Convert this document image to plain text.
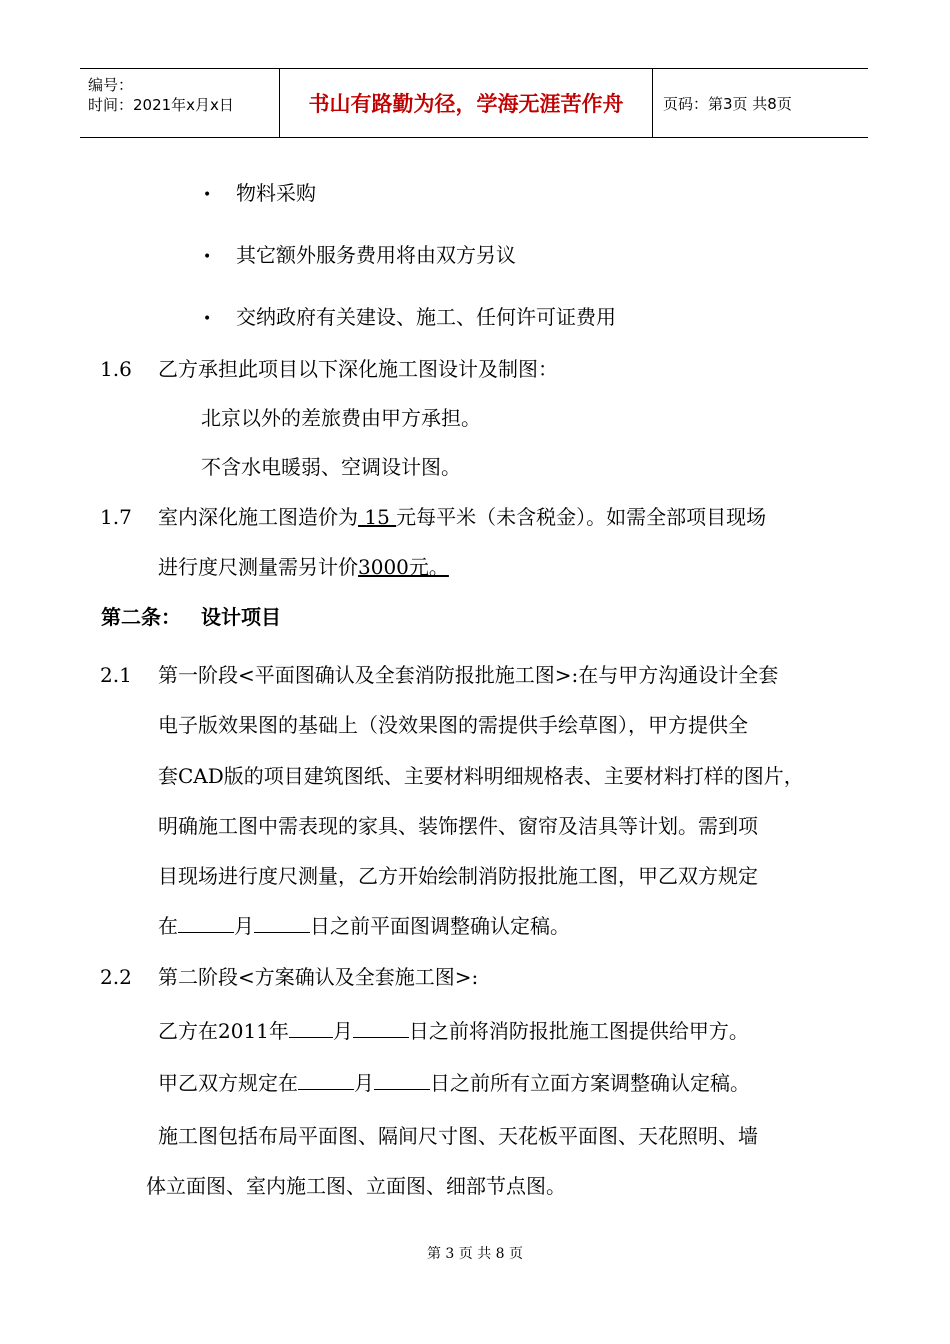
编号：
时间：2021年x月x日	书山有路勤为径，学海无涯苦作舟	页码：第3页 共8页
• 物料采购
• 其它额外服务费用将由双方另议
• 交纳政府有关建设、施工、任何许可证费用
1.6 乙方承担此项目以下深化施工图设计及制图：
北京以外的差旅费由甲方承担。
不含水电暖弱、空调设计图。
1.7 室内深化施工图造价为 15 元每平米（未含税金）。如需全部项目现场
进行度尺测量需另计价3000元。
第二条： 设计项目
2.1 第一阶段<平面图确认及全套消防报批施工图>:在与甲方沟通设计全套
电子版效果图的基础上（没效果图的需提供手绘草图），甲方提供全
套CAD版的项目建筑图纸、主要材料明细规格表、主要材料打样的图片，
明确施工图中需表现的家具、装饰摆件、窗帘及洁具等计划。需到项
目现场进行度尺测量，乙方开始绘制消防报批施工图，甲乙双方规定
在	月	日之前平面图调整确认定稿。
2.2 第二阶段<方案确认及全套施工图>:
乙方在2011年 月	日之前将消防报批施工图提供给甲方。
甲乙双方规定在	月	日之前所有立面方案调整确认定稿。
施工图包括布局平面图、隔间尺寸图、天花板平面图、天花照明、墙
体立面图、室内施工图、立面图、细部节点图。
第 3 页 共 8 页
